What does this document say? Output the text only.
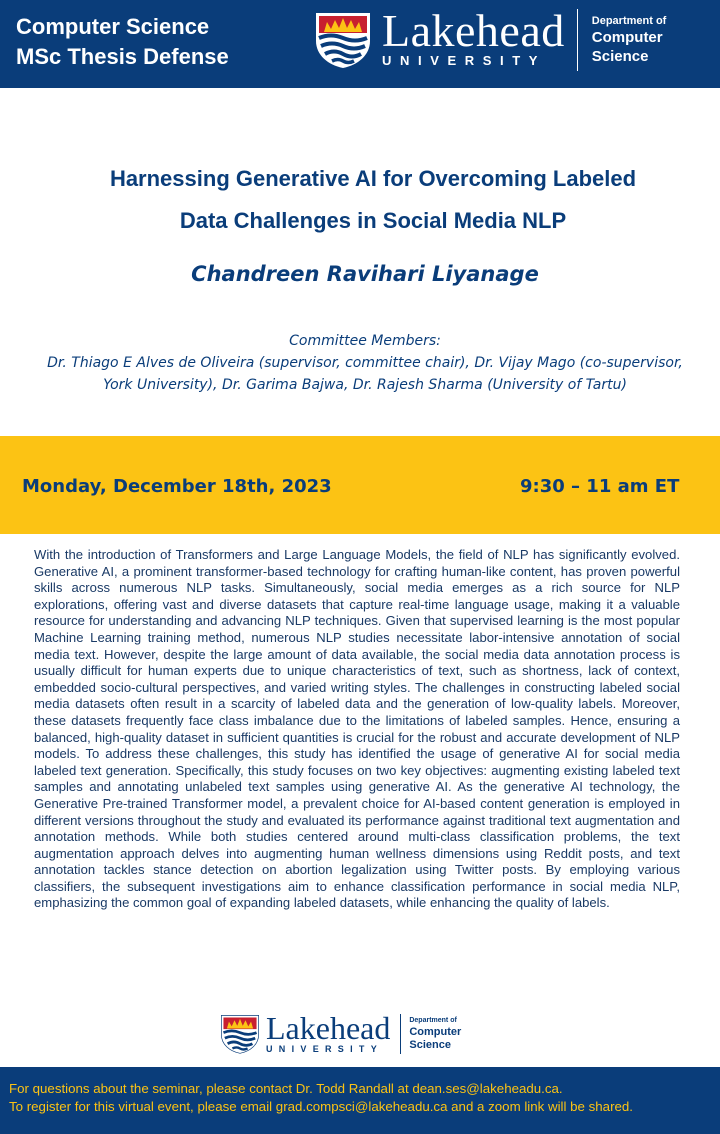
Computer Science
MSc Thesis Defense
Lakehead
UNIVERSITY
Department of
Computer
Science
Harnessing Generative AI for Overcoming Labeled
Data Challenges in Social Media NLP
Chandreen Ravihari Liyanage
Committee Members:
Dr. Thiago E Alves de Oliveira (supervisor, committee chair), Dr. Vijay Mago (co-supervisor, York University), Dr. Garima Bajwa, Dr. Rajesh Sharma (University of Tartu)
Monday, December 18th, 2023	9:30 – 11 am ET
With the introduction of Transformers and Large Language Models, the field of NLP has significantly evolved. Generative AI, a prominent transformer-based technology for crafting human-like content, has proven powerful skills across numerous NLP tasks. Simultaneously, social media emerges as a rich source for NLP explorations, offering vast and diverse datasets that capture real-time language usage, making it a valuable resource for understanding and advancing NLP techniques. Given that supervised learning is the most popular Machine Learning training method, numerous NLP studies necessitate labor-intensive annotation of social media text. However, despite the large amount of data available, the social media data annotation process is usually difficult for human experts due to unique characteristics of text, such as shortness, lack of context, embedded socio-cultural perspectives, and varied writing styles. The challenges in constructing labeled social media datasets often result in a scarcity of labeled data and the generation of low-quality labels. Moreover, these datasets frequently face class imbalance due to the limitations of labeled samples. Hence, ensuring a balanced, high-quality dataset in sufficient quantities is crucial for the robust and accurate development of NLP models. To address these challenges, this study has identified the usage of generative AI for social media labeled text generation. Specifically, this study focuses on two key objectives: augmenting existing labeled text samples and annotating unlabeled text samples using generative AI. As the generative AI technology, the Generative Pre-trained Transformer model, a prevalent choice for AI-based content generation is employed in different versions throughout the study and evaluated its performance against traditional text augmentation and annotation methods. While both studies centered around multi-class classification problems, the text augmentation approach delves into augmenting human wellness dimensions using Reddit posts, and text annotation tackles stance detection on abortion legalization using Twitter posts. By employing various classifiers, the subsequent investigations aim to enhance classification performance in social media NLP, emphasizing the common goal of expanding labeled datasets, while enhancing the quality of labels.
Lakehead
UNIVERSITY
Department of
Computer
Science
For questions about the seminar, please contact Dr. Todd Randall at dean.ses@lakeheadu.ca.
To register for this virtual event, please email grad.compsci@lakeheadu.ca and a zoom link will be shared.
